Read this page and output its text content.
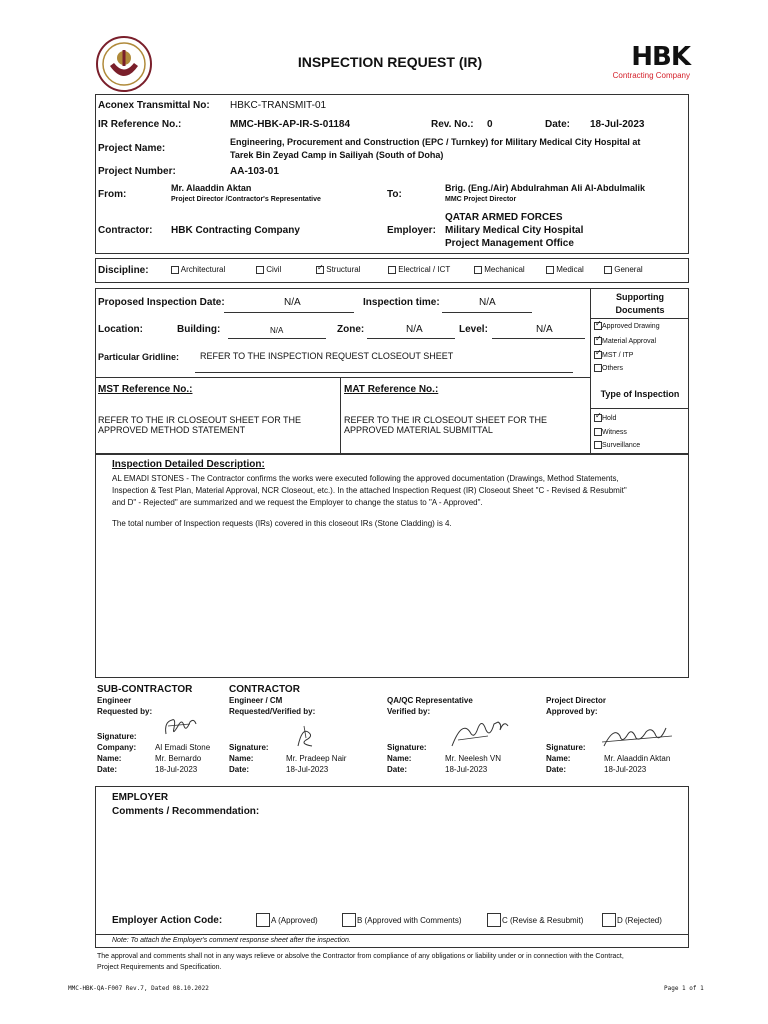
INSPECTION REQUEST (IR)	HBK
Contracting Company
Aconex Transmittal No: HBKC-TRANSMIT-01
IR Reference No.:	MMC-HBK-AP-IR-S-01184	Rev. No.: 0	Date: 18-Jul-2023
Project Name:
Engineering, Procurement and Construction (EPC / Turnkey) for Military Medical City Hospital at
Tarek Bin Zeyad Camp in Sailiyah (South of Doha)
Project Number:	AA-103-01
From:
Mr. Alaaddin Aktan
Project Director /Contractor's Representative	To:
Brig. (Eng./Air) Abdulrahman Ali Al-Abdulmalik
MMC Project Director
Contractor: HBK Contracting Company	Employer:
QATAR ARMED FORCES
Military Medical City Hospital
Project Management Office
Discipline:	Architectural	Civil
✓	Structural	Electrical / ICT	Mechanical	Medical	General
Proposed Inspection Date:	N/A	Inspection time:	N/A	Supporting
Documents
✓Approved Drawing
✓Material Approval
✓MST / ITP
Others
Location:	Building:	N/A	Zone:	N/A	Level:	N/A
Particular Gridline: REFER TO THE INSPECTION REQUEST CLOSEOUT SHEET
MST Reference No.:
REFER TO THE IR CLOSEOUT SHEET FOR THE
APPROVED METHOD STATEMENT
MAT Reference No.:
REFER TO THE IR CLOSEOUT SHEET FOR THE
APPROVED MATERIAL SUBMITTAL
Type of Inspection
✓Hold
Witness
Surveillance
Inspection Detailed Description:
AL EMADI STONES - The Contractor confirms the works were executed following the approved documentation (Drawings, Method Statements,
Inspection & Test Plan, Material Approval, NCR Closeout, etc.). In the attached Inspection Request (IR) Closeout Sheet "C - Revised & Resubmit"
and D" - Rejected" are summarized and we request the Employer to change the status to "A - Approved".
The total number of Inspection requests (IRs) covered in this closeout IRs (Stone Cladding) is 4.
SUB-CONTRACTOR
Engineer
Requested by:
Signature:
Company: Al Emadi Stone
Name:	Mr. Bernardo
Date:	18-Jul-2023
CONTRACTOR
Engineer / CM
Requested/Verified by:
Signature:
Name:	Mr. Pradeep Nair
Date:	18-Jul-2023
QA/QC Representative
Verified by:
Signature:
Name:	Mr. Neelesh VN
Date:	18-Jul-2023
Project Director
Approved by:
Signature:
Name:	Mr. Alaaddin Aktan
Date:	18-Jul-2023
EMPLOYER
Comments / Recommendation:
Employer Action Code:	A (Approved)	B (Approved with Comments)	C (Revise & Resubmit)	D (Rejected)
Note: To attach the Employer's comment response sheet after the inspection.
The approval and comments shall not in any ways relieve or absolve the Contractor from compliance of any obligations or liability under or in connection with the Contract,
Project Requirements and Specification.
MMC-HBK-QA-F007 Rev.7, Dated 08.10.2022	Page 1 of 1
